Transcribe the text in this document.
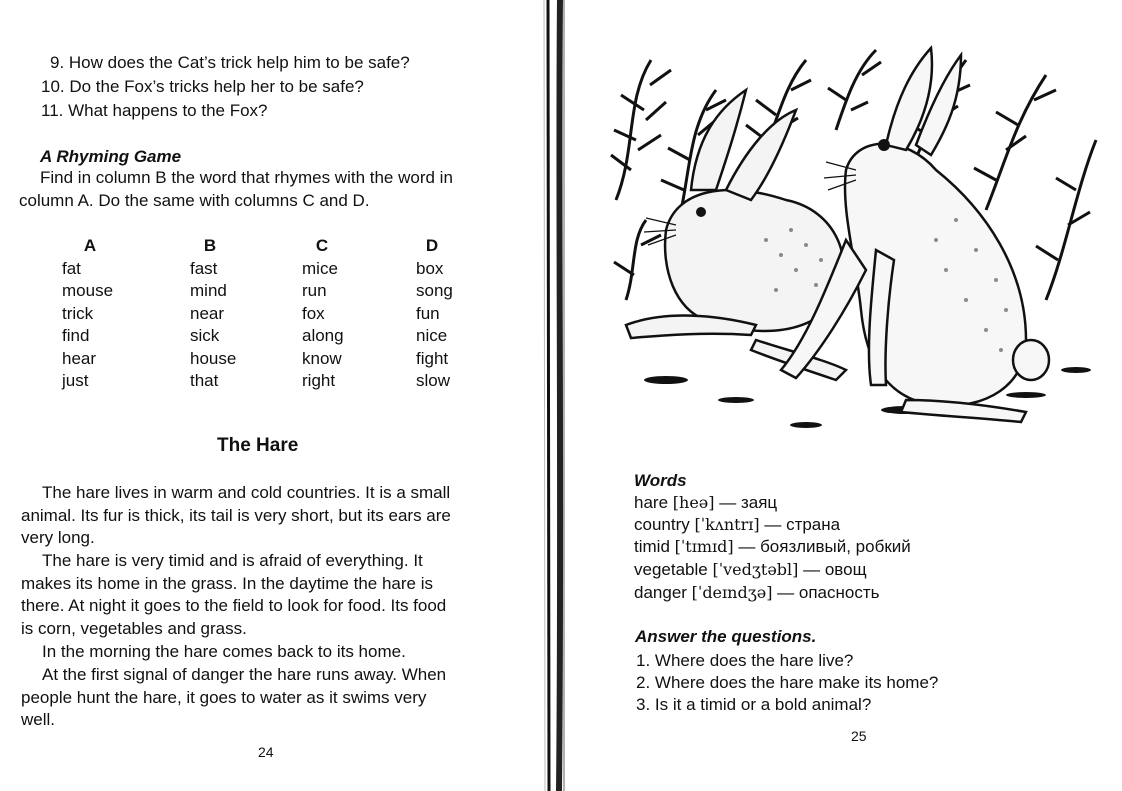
9. How does the Cat’s trick help him to be safe?
10. Do the Fox’s tricks help her to be safe?
11. What happens to the Fox?
A Rhyming Game
Find in column B the word that rhymes with the word in
column A. Do the same with columns C and D.
A
fat
mouse
trick
find
hear
just
B
fast
mind
near
sick
house
that
C
mice
run
fox
along
know
right
D
box
song
fun
nice
fight
slow
The Hare
The hare lives in warm and cold countries. It is a small
animal. Its fur is thick, its tail is very short, but its ears are
very long.
The hare is very timid and is afraid of everything. It
makes its home in the grass. In the daytime the hare is
there. At night it goes to the field to look for food. Its food
is corn, vegetables and grass.
In the morning the hare comes back to its home.
At the first signal of danger the hare runs away. When
people hunt the hare, it goes to water as it swims very
well.
24
Words
hare [heə] — заяц
country [ˈkʌntrɪ] — страна
timid [ˈtɪmɪd] — боязливый, робкий
vegetable [ˈvedʒtəbl] — овощ
danger [ˈdeɪndʒə] — опасность
Answer the questions.
1. Where does the hare live?
2. Where does the hare make its home?
3. Is it a timid or a bold animal?
25
